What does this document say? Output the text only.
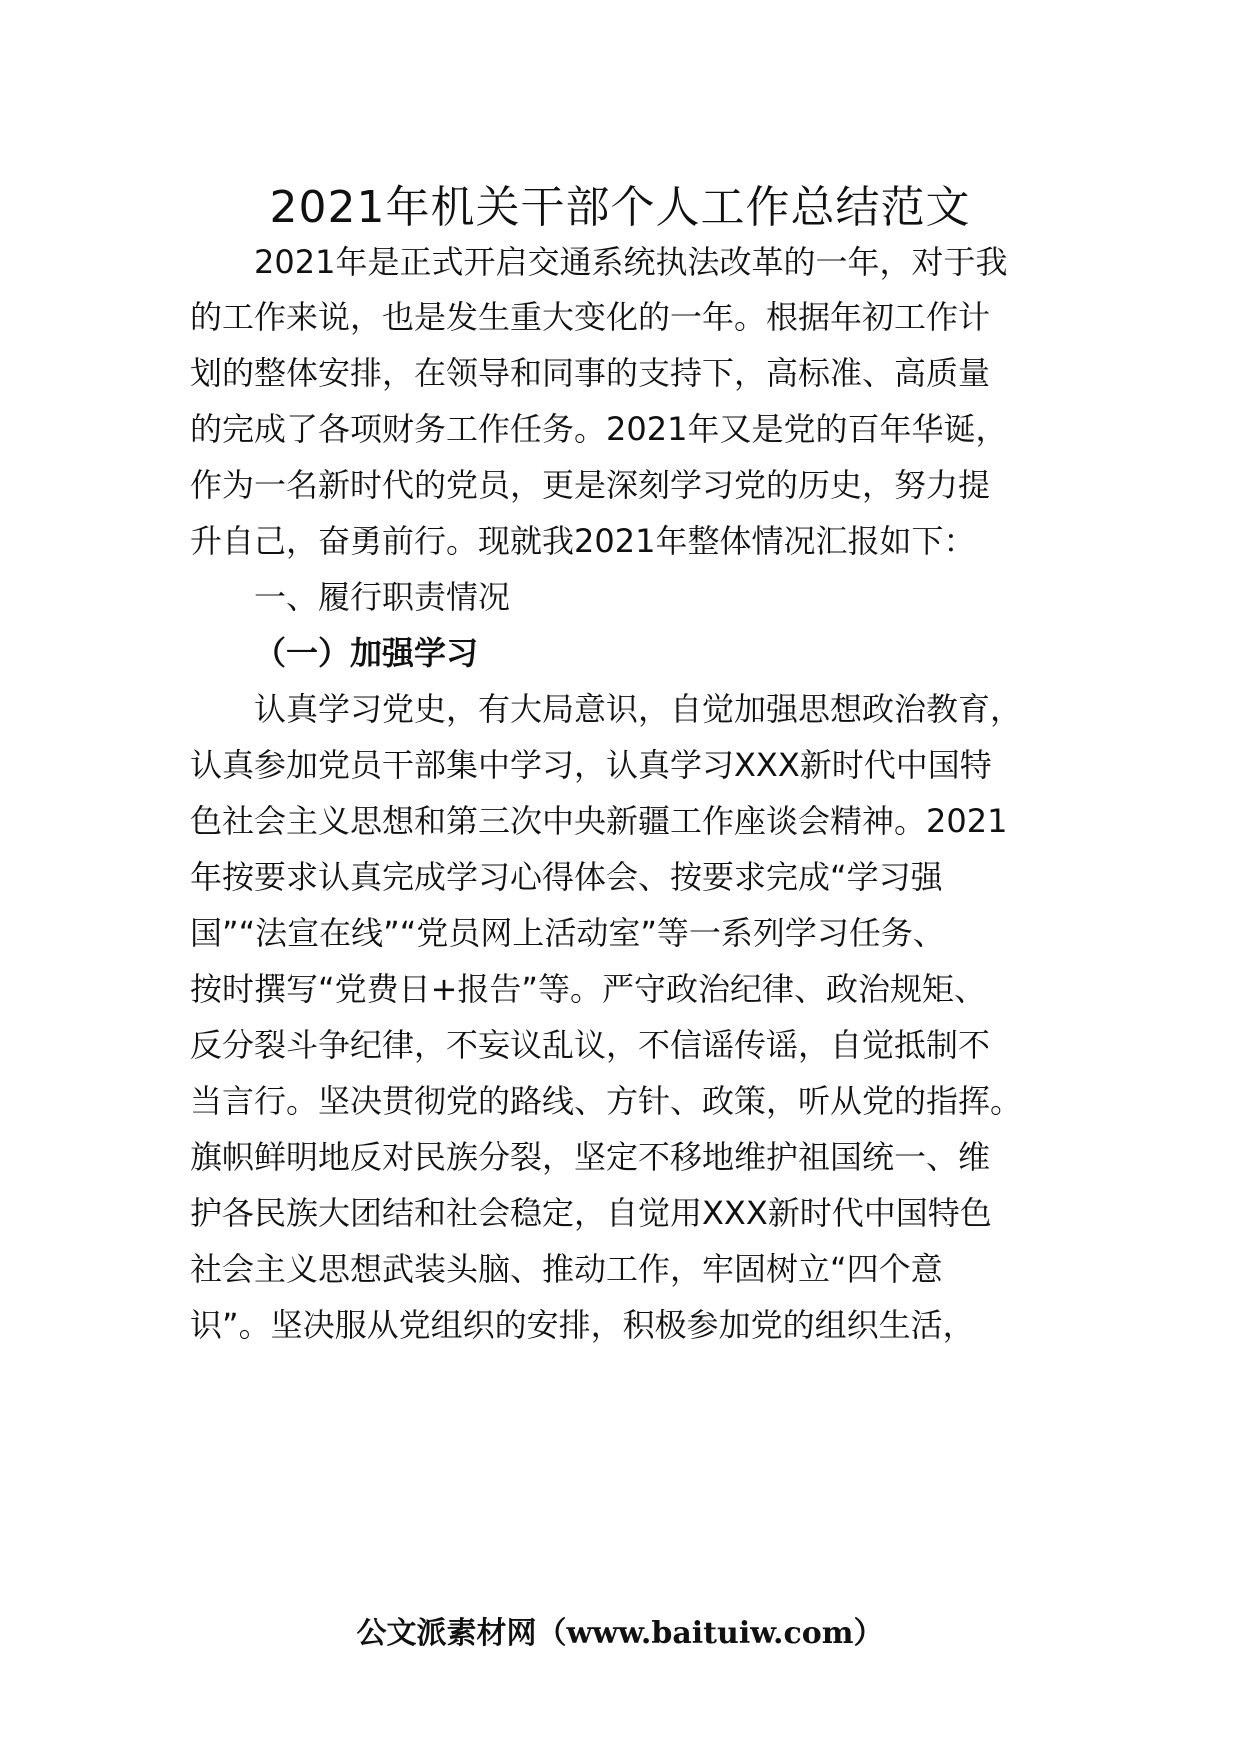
2021年机关干部个人工作总结范文
2021年是正式开启交通系统执法改革的一年，对于我
的工作来说，也是发生重大变化的一年。根据年初工作计
划的整体安排，在领导和同事的支持下，高标准、高质量
的完成了各项财务工作任务。2021年又是党的百年华诞，
作为一名新时代的党员，更是深刻学习党的历史，努力提
升自己，奋勇前行。现就我2021年整体情况汇报如下：
一、履行职责情况
（一）加强学习
认真学习党史，有大局意识，自觉加强思想政治教育，
认真参加党员干部集中学习，认真学习XXX新时代中国特
色社会主义思想和第三次中央新疆工作座谈会精神。2021
年按要求认真完成学习心得体会、按要求完成“学习强
国”“法宣在线”“党员网上活动室”等一系列学习任务、
按时撰写“党费日+报告”等。严守政治纪律、政治规矩、
反分裂斗争纪律，不妄议乱议，不信谣传谣，自觉抵制不
当言行。坚决贯彻党的路线、方针、政策，听从党的指挥。
旗帜鲜明地反对民族分裂，坚定不移地维护祖国统一、维
护各民族大团结和社会稳定，自觉用XXX新时代中国特色
社会主义思想武装头脑、推动工作，牢固树立“四个意
识”。坚决服从党组织的安排，积极参加党的组织生活，
公文派素材网（www.baituiw.com）
